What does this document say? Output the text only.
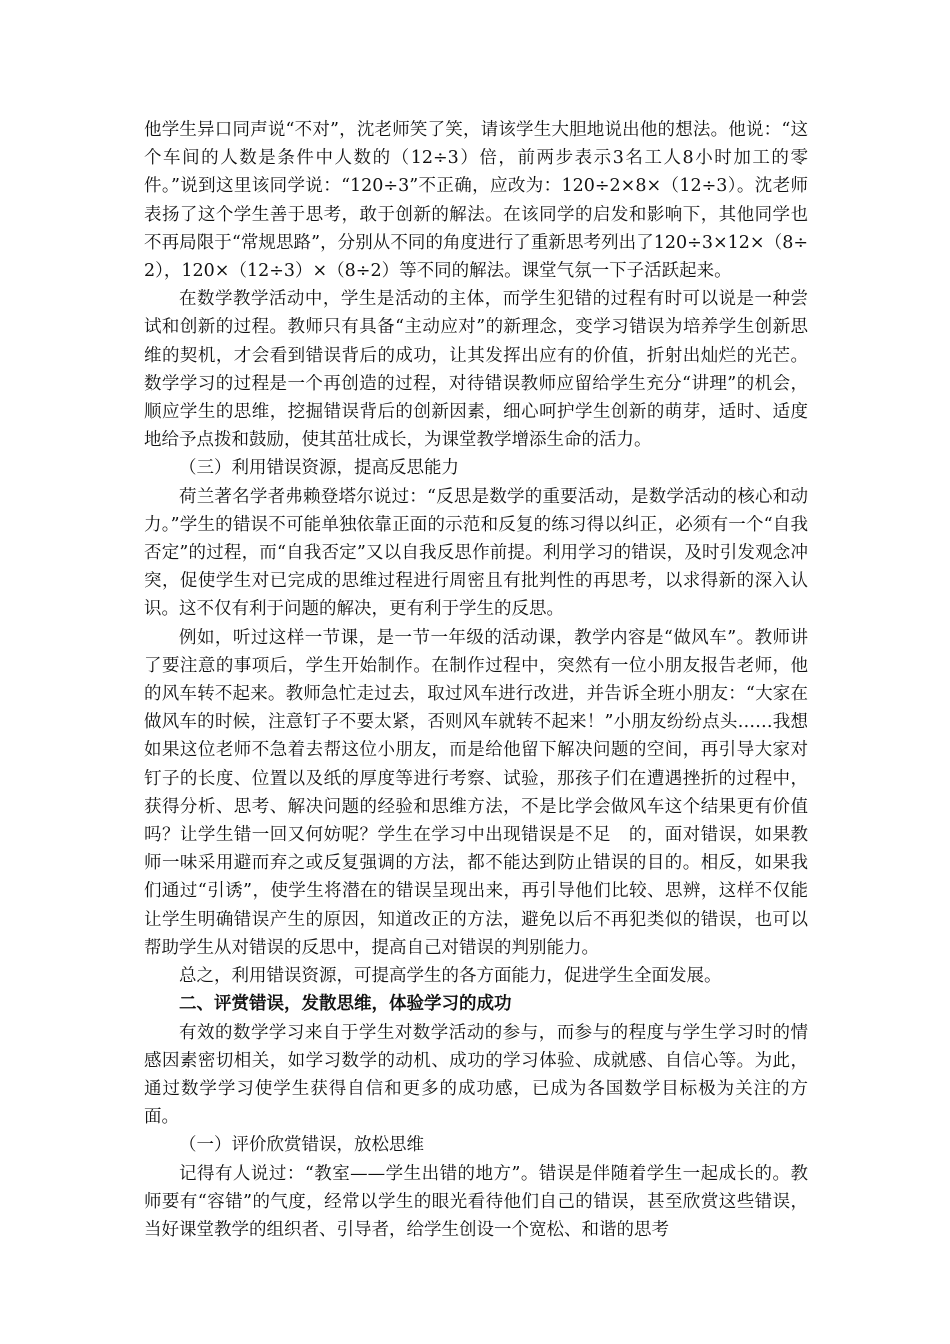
他学生异口同声说“不对”，沈老师笑了笑，请该学生大胆地说出他的想法。他说：“这个车间的人数是条件中人数的（12÷3）倍，前两步表示3名工人8小时加工的零件。”说到这里该同学说：“120÷3”不正确，应改为：120÷2×8×（12÷3）。沈老师表扬了这个学生善于思考，敢于创新的解法。在该同学的启发和影响下，其他同学也不再局限于“常规思路”，分别从不同的角度进行了重新思考列出了120÷3×12×（8÷2），120×（12÷3）×（8÷2）等不同的解法。课堂气氛一下子活跃起来。

在数学教学活动中，学生是活动的主体，而学生犯错的过程有时可以说是一种尝试和创新的过程。教师只有具备“主动应对”的新理念，变学习错误为培养学生创新思维的契机，才会看到错误背后的成功，让其发挥出应有的价值，折射出灿烂的光芒。数学学习的过程是一个再创造的过程，对待错误教师应留给学生充分“讲理”的机会，顺应学生的思维，挖掘错误背后的创新因素，细心呵护学生创新的萌芽，适时、适度地给予点拨和鼓励，使其茁壮成长，为课堂教学增添生命的活力。

（三）利用错误资源，提高反思能力

荷兰著名学者弗赖登塔尔说过：“反思是数学的重要活动，是数学活动的核心和动力。”学生的错误不可能单独依靠正面的示范和反复的练习得以纠正，必须有一个“自我否定”的过程，而“自我否定”又以自我反思作前提。利用学习的错误，及时引发观念冲突，促使学生对已完成的思维过程进行周密且有批判性的再思考，以求得新的深入认识。这不仅有利于问题的解决，更有利于学生的反思。

例如，听过这样一节课，是一节一年级的活动课，教学内容是“做风车”。教师讲了要注意的事项后，学生开始制作。在制作过程中，突然有一位小朋友报告老师，他的风车转不起来。教师急忙走过去，取过风车进行改进，并告诉全班小朋友：“大家在做风车的时候，注意钉子不要太紧，否则风车就转不起来！”小朋友纷纷点头……我想如果这位老师不急着去帮这位小朋友，而是给他留下解决问题的空间，再引导大家对钉子的长度、位置以及纸的厚度等进行考察、试验，那孩子们在遭遇挫折的过程中，获得分析、思考、解决问题的经验和思维方法，不是比学会做风车这个结果更有价值吗？让学生错一回又何妨呢？学生在学习中出现错误是不足　的，面对错误，如果教师一味采用避而弃之或反复强调的方法，都不能达到防止错误的目的。相反，如果我们通过“引诱”，使学生将潜在的错误呈现出来，再引导他们比较、思辨，这样不仅能让学生明确错误产生的原因，知道改正的方法，避免以后不再犯类似的错误，也可以帮助学生从对错误的反思中，提高自己对错误的判别能力。

总之，利用错误资源，可提高学生的各方面能力，促进学生全面发展。

二、评赏错误，发散思维，体验学习的成功

有效的数学学习来自于学生对数学活动的参与，而参与的程度与学生学习时的情感因素密切相关，如学习数学的动机、成功的学习体验、成就感、自信心等。为此，通过数学学习使学生获得自信和更多的成功感，已成为各国数学目标极为关注的方面。

（一）评价欣赏错误，放松思维

记得有人说过：“教室——学生出错的地方”。错误是伴随着学生一起成长的。教师要有“容错”的气度，经常以学生的眼光看待他们自己的错误，甚至欣赏这些错误，当好课堂教学的组织者、引导者，给学生创设一个宽松、和谐的思考
